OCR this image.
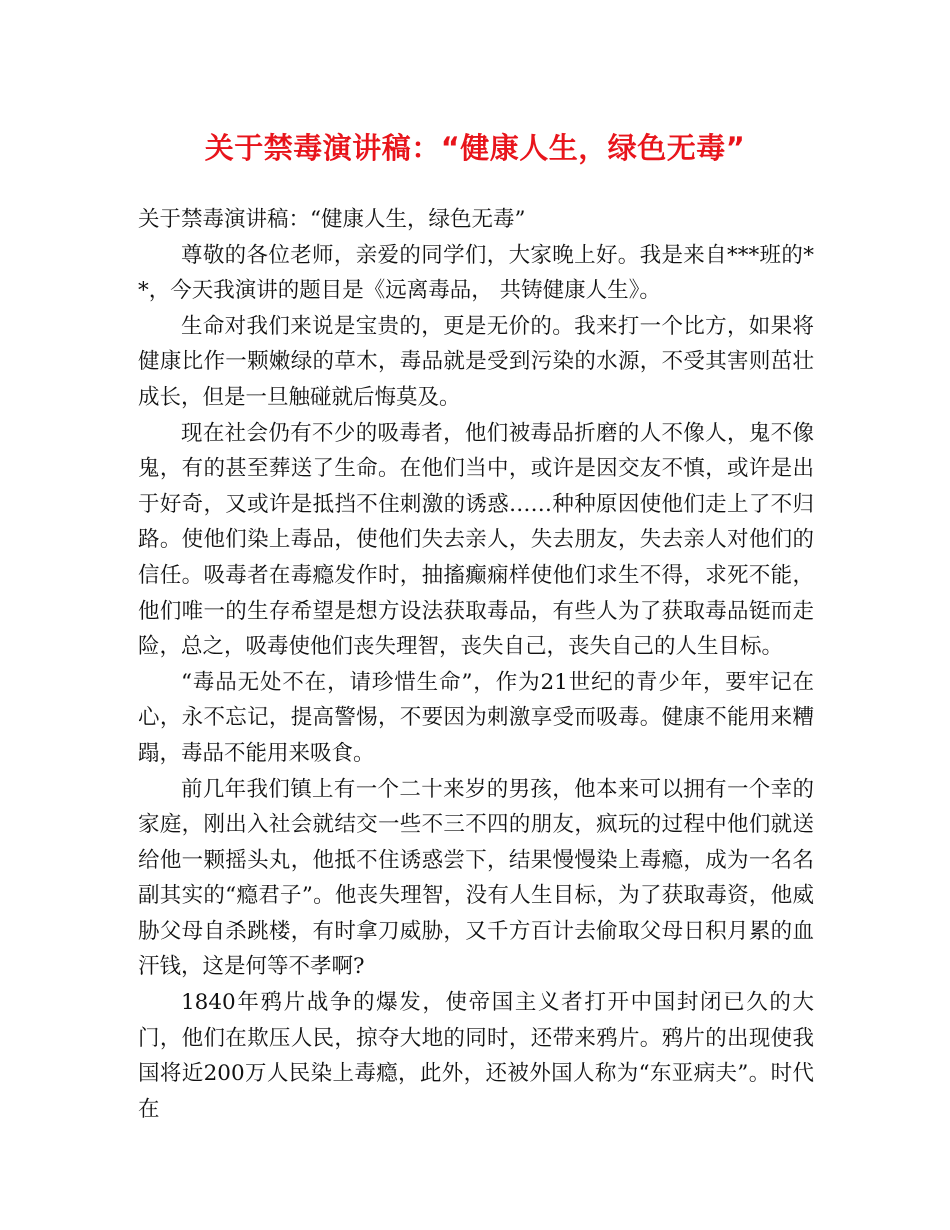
关于禁毒演讲稿：“健康人生，绿色无毒”

关于禁毒演讲稿：“健康人生，绿色无毒”

尊敬的各位老师，亲爱的同学们，大家晚上好。我是来自***班的**，今天我演讲的题目是《远离毒品， 共铸健康人生》。

生命对我们来说是宝贵的，更是无价的。我来打一个比方，如果将健康比作一颗嫩绿的草木，毒品就是受到污染的水源，不受其害则茁壮成长，但是一旦触碰就后悔莫及。

现在社会仍有不少的吸毒者，他们被毒品折磨的人不像人，鬼不像鬼，有的甚至葬送了生命。在他们当中，或许是因交友不慎，或许是出于好奇，又或许是抵挡不住刺激的诱惑……种种原因使他们走上了不归路。使他们染上毒品，使他们失去亲人，失去朋友，失去亲人对他们的信任。吸毒者在毒瘾发作时，抽搐癫痫样使他们求生不得，求死不能，他们唯一的生存希望是想方设法获取毒品，有些人为了获取毒品铤而走险，总之，吸毒使他们丧失理智，丧失自己，丧失自己的人生目标。

“毒品无处不在，请珍惜生命”，作为21世纪的青少年，要牢记在心，永不忘记，提高警惕，不要因为刺激享受而吸毒。健康不能用来糟蹋，毒品不能用来吸食。

前几年我们镇上有一个二十来岁的男孩，他本来可以拥有一个幸的家庭，刚出入社会就结交一些不三不四的朋友，疯玩的过程中他们就送给他一颗摇头丸，他抵不住诱惑尝下，结果慢慢染上毒瘾，成为一名名副其实的“瘾君子”。他丧失理智，没有人生目标，为了获取毒资，他威胁父母自杀跳楼，有时拿刀威胁，又千方百计去偷取父母日积月累的血汗钱，这是何等不孝啊?

1840年鸦片战争的爆发，使帝国主义者打开中国封闭已久的大门，他们在欺压人民，掠夺大地的同时，还带来鸦片。鸦片的出现使我国将近200万人民染上毒瘾，此外，还被外国人称为“东亚病夫”。时代在
